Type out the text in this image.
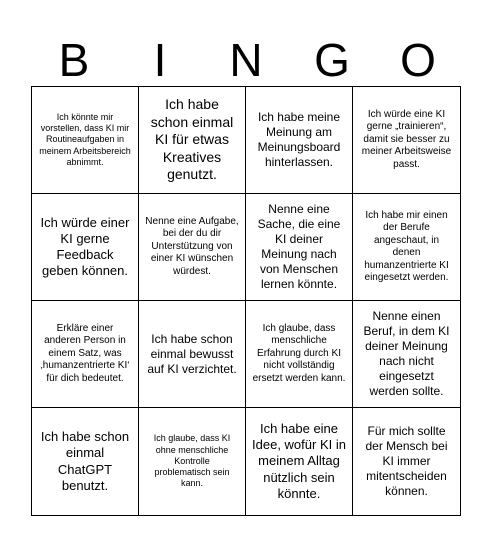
B	I	N	G	O
Ich könnte mir vorstellen, dass KI mir Routineaufgaben in meinem Arbeitsbereich abnimmt.
Ich habe schon einmal KI für etwas Kreatives genutzt.
Ich habe meine Meinung am Meinungsboard hinterlassen.
Ich würde eine KI gerne „trainieren“, damit sie besser zu meiner Arbeitsweise passt.
Ich würde einer KI gerne Feedback geben können.
Nenne eine Aufgabe, bei der du dir Unterstützung von einer KI wünschen würdest.
Nenne eine Sache, die eine KI deiner Meinung nach von Menschen lernen könnte.
Ich habe mir einen der Berufe angeschaut, in denen humanzentrierte KI eingesetzt werden.
Erkläre einer anderen Person in einem Satz, was ‚humanzentrierte KI‘ für dich bedeutet.
Ich habe schon einmal bewusst auf KI verzichtet.
Ich glaube, dass menschliche Erfahrung durch KI nicht vollständig ersetzt werden kann.
Nenne einen Beruf, in dem KI deiner Meinung nach nicht eingesetzt werden sollte.
Ich habe schon einmal ChatGPT benutzt.
Ich glaube, dass KI ohne menschliche Kontrolle problematisch sein kann.
Ich habe eine Idee, wofür KI in meinem Alltag nützlich sein könnte.
Für mich sollte der Mensch bei KI immer mitentscheiden können.
